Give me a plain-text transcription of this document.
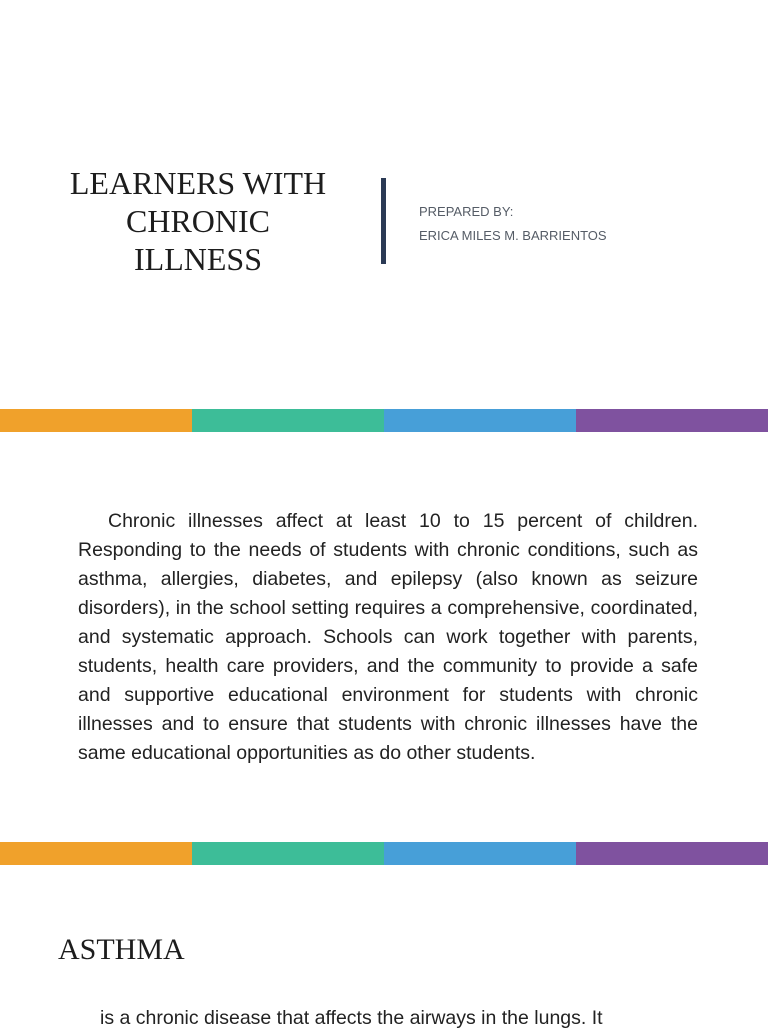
LEARNERS WITH
CHRONIC
ILLNESS
PREPARED BY:
ERICA MILES M. BARRIENTOS

Chronic illnesses affect at least 10 to 15 percent of children. Responding to the needs of students with chronic conditions, such as asthma, allergies, diabetes, and epilepsy (also known as seizure disorders), in the school setting requires a comprehensive, coordinated, and systematic approach. Schools can work together with parents, students, health care providers, and the community to provide a safe and supportive educational environment for students with chronic illnesses and to ensure that students with chronic illnesses have the same educational opportunities as do other students.

ASTHMA

is a chronic disease that affects the airways in the lungs. It
